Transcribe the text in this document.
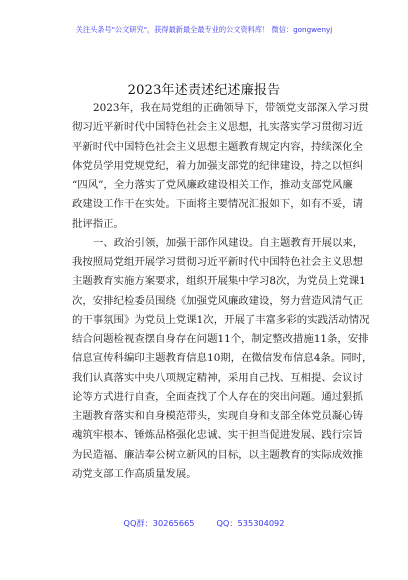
关注头条号"公文研究"，获得最新最全最专业的公文资料库！ 微信：gongwenyj
2023年述责述纪述廉报告
2023年，我在局党组的正确领导下，带领党支部深入学习贯
彻习近平新时代中国特色社会主义思想，扎实落实学习贯彻习近
平新时代中国特色社会主义思想主题教育规定内容，持续深化全
体党员学用党规党纪，着力加强支部党的纪律建设，持之以恒纠
“四风”，全力落实了党风廉政建设相关工作，推动支部党风廉
政建设工作干在实处。下面将主要情况汇报如下，如有不妥，请
批评指正。
一、政治引领，加强干部作风建设。自主题教育开展以来，
我按照局党组开展学习贯彻习近平新时代中国特色社会主义思想
主题教育实施方案要求，组织开展集中学习8次，为党员上党课1
次，安排纪检委员围绕《加强党风廉政建设，努力营造风清气正
的干事氛围》为党员上党课1次，开展了丰富多彩的实践活动情况
结合问题检视查摆自身存在问题11个，制定整改措施11条，安排
信息宣传科编印主题教育信息10期，在微信发布信息4条。同时，
我们认真落实中央八项规定精神，采用自己找、互相提、会议讨
论等方式进行自查，全面查找了个人存在的突出问题。通过狠抓
主题教育落实和自身模范带头，实现自身和支部全体党员凝心铸
魂筑牢根本、锤炼品格强化忠诚、实干担当促进发展、践行宗旨
为民造福、廉洁奉公树立新风的目标，以主题教育的实际成效推
动党支部工作高质量发展。
QQ群：30265665	QQ：535304092
